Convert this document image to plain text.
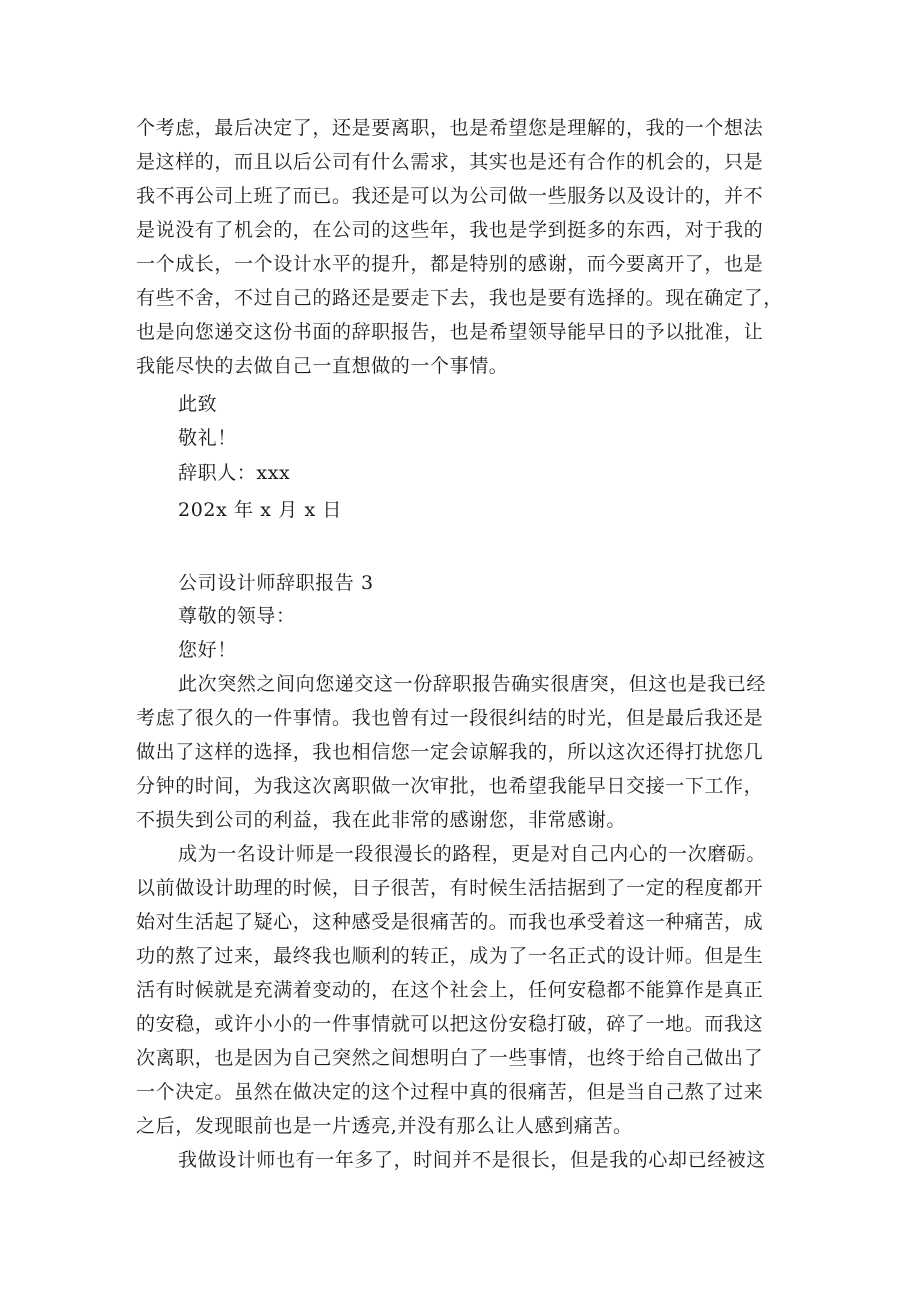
个考虑，最后决定了，还是要离职，也是希望您是理解的，我的一个想法
是这样的，而且以后公司有什么需求，其实也是还有合作的机会的，只是
我不再公司上班了而已。我还是可以为公司做一些服务以及设计的，并不
是说没有了机会的，在公司的这些年，我也是学到挺多的东西，对于我的
一个成长，一个设计水平的提升，都是特别的感谢，而今要离开了，也是
有些不舍，不过自己的路还是要走下去，我也是要有选择的。现在确定了，
也是向您递交这份书面的辞职报告，也是希望领导能早日的予以批准，让
我能尽快的去做自己一直想做的一个事情。
此致
敬礼！
辞职人：xxx
202x 年 x 月 x 日
公司设计师辞职报告 3
尊敬的领导：
您好！
此次突然之间向您递交这一份辞职报告确实很唐突，但这也是我已经
考虑了很久的一件事情。我也曾有过一段很纠结的时光，但是最后我还是
做出了这样的选择，我也相信您一定会谅解我的，所以这次还得打扰您几
分钟的时间，为我这次离职做一次审批，也希望我能早日交接一下工作，
不损失到公司的利益，我在此非常的感谢您，非常感谢。
成为一名设计师是一段很漫长的路程，更是对自己内心的一次磨砺。
以前做设计助理的时候，日子很苦，有时候生活拮据到了一定的程度都开
始对生活起了疑心，这种感受是很痛苦的。而我也承受着这一种痛苦，成
功的熬了过来，最终我也顺利的转正，成为了一名正式的设计师。但是生
活有时候就是充满着变动的，在这个社会上，任何安稳都不能算作是真正
的安稳，或许小小的一件事情就可以把这份安稳打破，碎了一地。而我这
次离职，也是因为自己突然之间想明白了一些事情，也终于给自己做出了
一个决定。虽然在做决定的这个过程中真的很痛苦，但是当自己熬了过来
之后，发现眼前也是一片透亮,并没有那么让人感到痛苦。
我做设计师也有一年多了，时间并不是很长，但是我的心却已经被这
